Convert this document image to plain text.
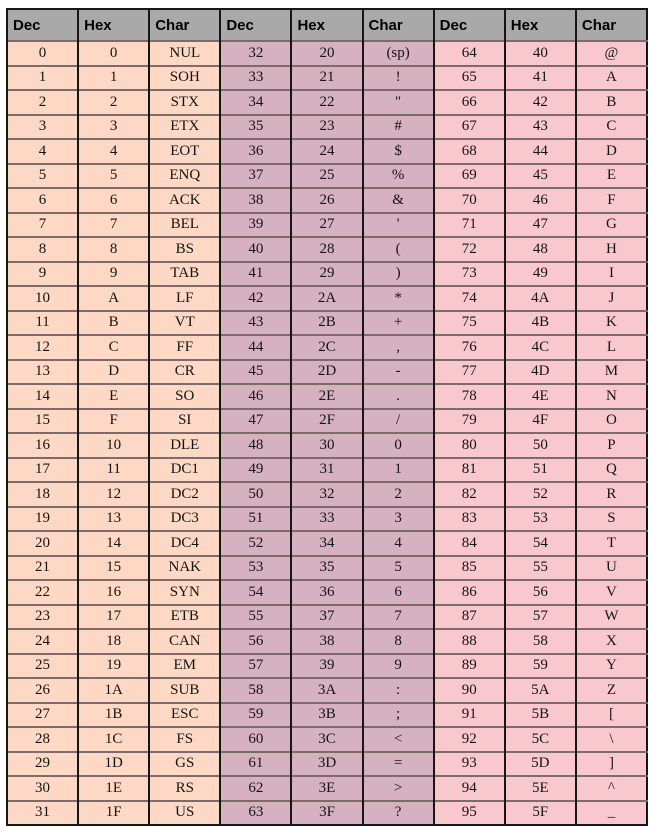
Dec	Hex	Char	Dec	Hex	Char	Dec	Hex	Char
0	0	NUL	32	20	(sp)	64	40	@
1	1	SOH	33	21	!	65	41	A
2	2	STX	34	22	"	66	42	B
3	3	ETX	35	23	#	67	43	C
4	4	EOT	36	24	$	68	44	D
5	5	ENQ	37	25	%	69	45	E
6	6	ACK	38	26	&	70	46	F
7	7	BEL	39	27	'	71	47	G
8	8	BS	40	28	(	72	48	H
9	9	TAB	41	29	)	73	49	I
10	A	LF	42	2A	*	74	4A	J
11	B	VT	43	2B	+	75	4B	K
12	C	FF	44	2C	,	76	4C	L
13	D	CR	45	2D	-	77	4D	M
14	E	SO	46	2E	.	78	4E	N
15	F	SI	47	2F	/	79	4F	O
16	10	DLE	48	30	0	80	50	P
17	11	DC1	49	31	1	81	51	Q
18	12	DC2	50	32	2	82	52	R
19	13	DC3	51	33	3	83	53	S
20	14	DC4	52	34	4	84	54	T
21	15	NAK	53	35	5	85	55	U
22	16	SYN	54	36	6	86	56	V
23	17	ETB	55	37	7	87	57	W
24	18	CAN	56	38	8	88	58	X
25	19	EM	57	39	9	89	59	Y
26	1A	SUB	58	3A	:	90	5A	Z
27	1B	ESC	59	3B	;	91	5B	[
28	1C	FS	60	3C	<	92	5C	\
29	1D	GS	61	3D	=	93	5D	]
30	1E	RS	62	3E	>	94	5E	^
31	1F	US	63	3F	?	95	5F	_
